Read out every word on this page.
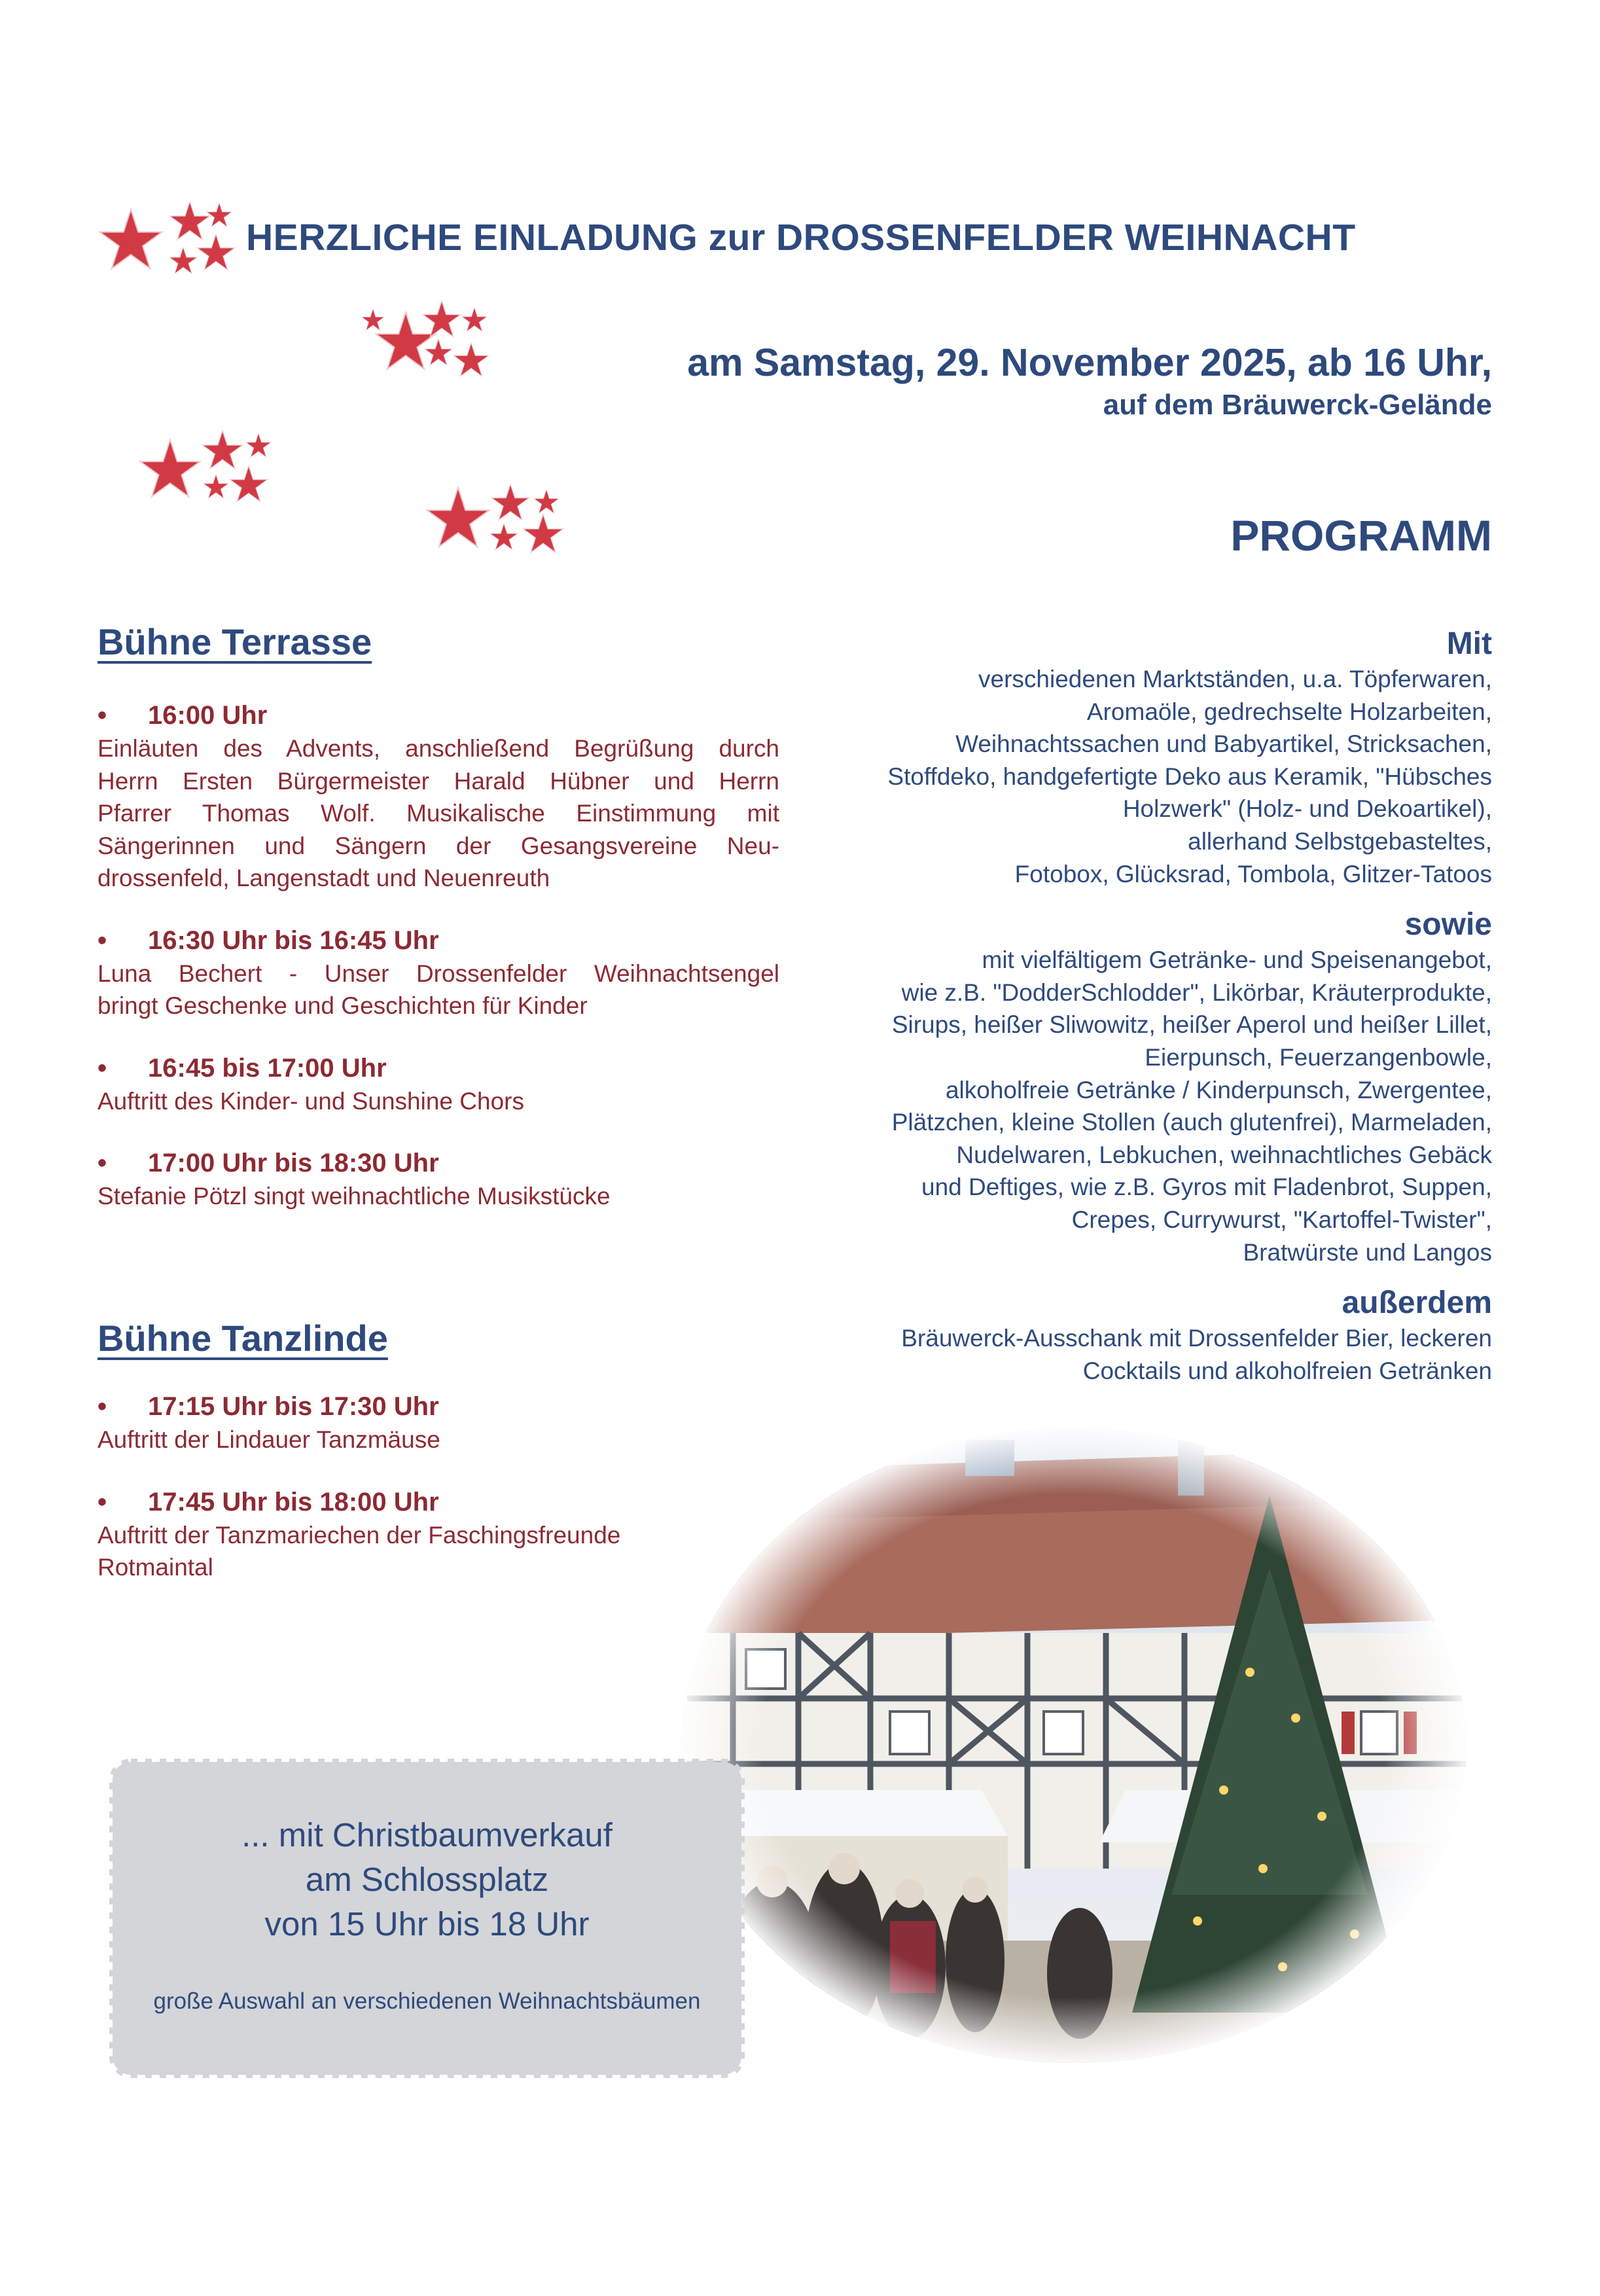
HERZLICHE EINLADUNG zur DROSSENFELDER WEIHNACHT
am Samstag, 29. November 2025, ab 16 Uhr,
auf dem Bräuwerck-Gelände
PROGRAMM
Bühne Terrasse
• 16:00 Uhr
Einläuten des Advents, anschließend Begrüßung durch
Herrn Ersten Bürgermeister Harald Hübner und Herrn
Pfarrer Thomas Wolf. Musikalische Einstimmung mit
Sängerinnen und Sängern der Gesangsvereine Neu-
drossenfeld, Langenstadt und Neuenreuth
• 16:30 Uhr bis 16:45 Uhr
Luna Bechert - Unser Drossenfelder Weihnachtsengel
bringt Geschenke und Geschichten für Kinder
• 16:45 bis 17:00 Uhr
Auftritt des Kinder- und Sunshine Chors
• 17:00 Uhr bis 18:30 Uhr
Stefanie Pötzl singt weihnachtliche Musikstücke
Bühne Tanzlinde
• 17:15 Uhr bis 17:30 Uhr
Auftritt der Lindauer Tanzmäuse
• 17:45 Uhr bis 18:00 Uhr
Auftritt der Tanzmariechen der Faschingsfreunde
Rotmaintal
Mit
verschiedenen Marktständen, u.a. Töpferwaren,
Aromaöle, gedrechselte Holzarbeiten,
Weihnachtssachen und Babyartikel, Stricksachen,
Stoffdeko, handgefertigte Deko aus Keramik, "Hübsches
Holzwerk" (Holz- und Dekoartikel),
allerhand Selbstgebasteltes,
Fotobox, Glücksrad, Tombola, Glitzer-Tatoos
sowie
mit vielfältigem Getränke- und Speisenangebot,
wie z.B. "DodderSchlodder", Likörbar, Kräuterprodukte,
Sirups, heißer Sliwowitz, heißer Aperol und heißer Lillet,
Eierpunsch, Feuerzangenbowle,
alkoholfreie Getränke / Kinderpunsch, Zwergentee,
Plätzchen, kleine Stollen (auch glutenfrei), Marmeladen,
Nudelwaren, Lebkuchen, weihnachtliches Gebäck
und Deftiges, wie z.B. Gyros mit Fladenbrot, Suppen,
Crepes, Currywurst, "Kartoffel-Twister",
Bratwürste und Langos
außerdem
Bräuwerck-Ausschank mit Drossenfelder Bier, leckeren
Cocktails und alkoholfreien Getränken
... mit Christbaumverkauf
am Schlossplatz
von 15 Uhr bis 18 Uhr
große Auswahl an verschiedenen Weihnachtsbäumen
